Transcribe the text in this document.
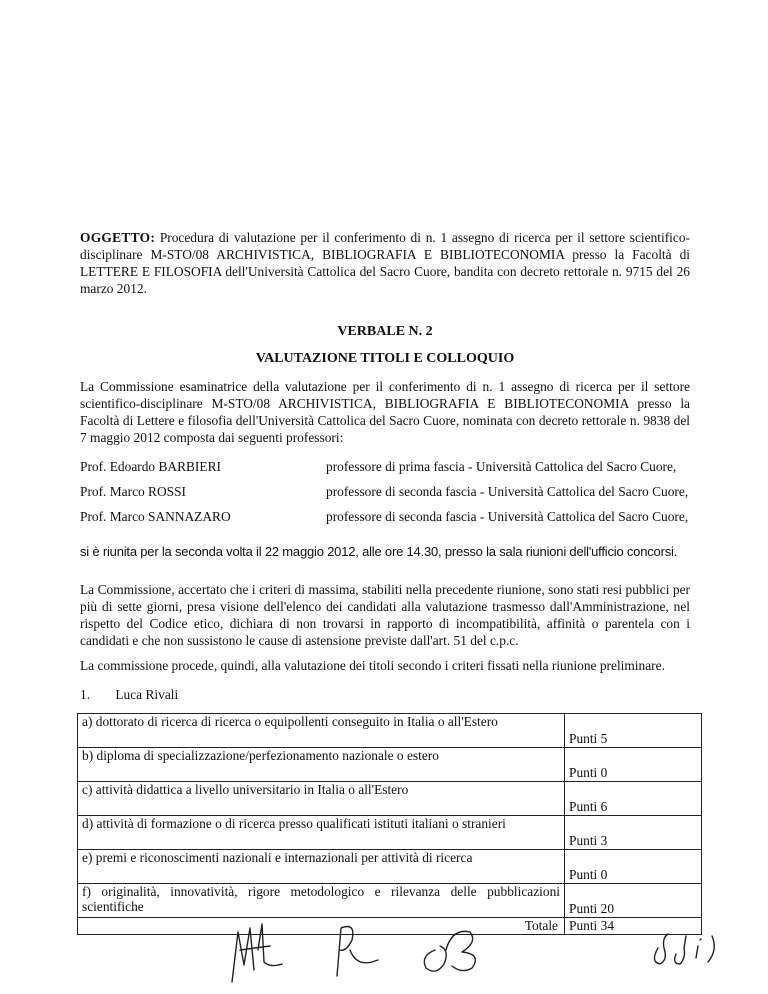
OGGETTO: Procedura di valutazione per il conferimento di n. 1 assegno di ricerca per il settore scientifico-disciplinare M-STO/08 ARCHIVISTICA, BIBLIOGRAFIA E BIBLIOTECONOMIA presso la Facoltà di LETTERE E FILOSOFIA dell'Università Cattolica del Sacro Cuore, bandita con decreto rettorale n. 9715 del 26 marzo 2012.
VERBALE N. 2
VALUTAZIONE TITOLI E COLLOQUIO
La Commissione esaminatrice della valutazione per il conferimento di n. 1 assegno di ricerca per il settore scientifico-disciplinare M-STO/08 ARCHIVISTICA, BIBLIOGRAFIA E BIBLIOTECONOMIA presso la Facoltà di Lettere e filosofia dell'Università Cattolica del Sacro Cuore, nominata con decreto rettorale n. 9838 del 7 maggio 2012 composta dai seguenti professori:
Prof. Edoardo BARBIERI	professore di prima fascia - Università Cattolica del Sacro Cuore,
Prof. Marco ROSSI	professore di seconda fascia - Università Cattolica del Sacro Cuore,
Prof. Marco SANNAZARO	professore di seconda fascia - Università Cattolica del Sacro Cuore,
si è riunita per la seconda volta il 22 maggio 2012, alle ore 14.30, presso la sala riunioni dell'ufficio concorsi.
La Commissione, accertato che i criteri di massima, stabiliti nella precedente riunione, sono stati resi pubblici per più di sette giorni, presa visione dell'elenco dei candidati alla valutazione trasmesso dall'Amministrazione, nel rispetto del Codice etico, dichiara di non trovarsi in rapporto di incompatibilità, affinità o parentela con i candidati e che non sussistono le cause di astensione previste dall'art. 51 del c.p.c.
La commissione procede, quindi, alla valutazione dei titoli secondo i criteri fissati nella riunione preliminare.
1. Luca Rivali
a) dottorato di ricerca di ricerca o equipollenti conseguito in Italia o all'Estero	Punti 5
b) diploma di specializzazione/perfezionamento nazionale o estero	Punti 0
c) attività didattica a livello universitario in Italia o all'Estero	Punti 6
d) attività di formazione o di ricerca presso qualificati istituti italiani o stranieri	Punti 3
e) premi e riconoscimenti nazionali e internazionali per attività di ricerca	Punti 0
f) originalità, innovatività, rigore metodologico e rilevanza delle pubblicazioni scientifiche	Punti 20
Totale	Punti 34
